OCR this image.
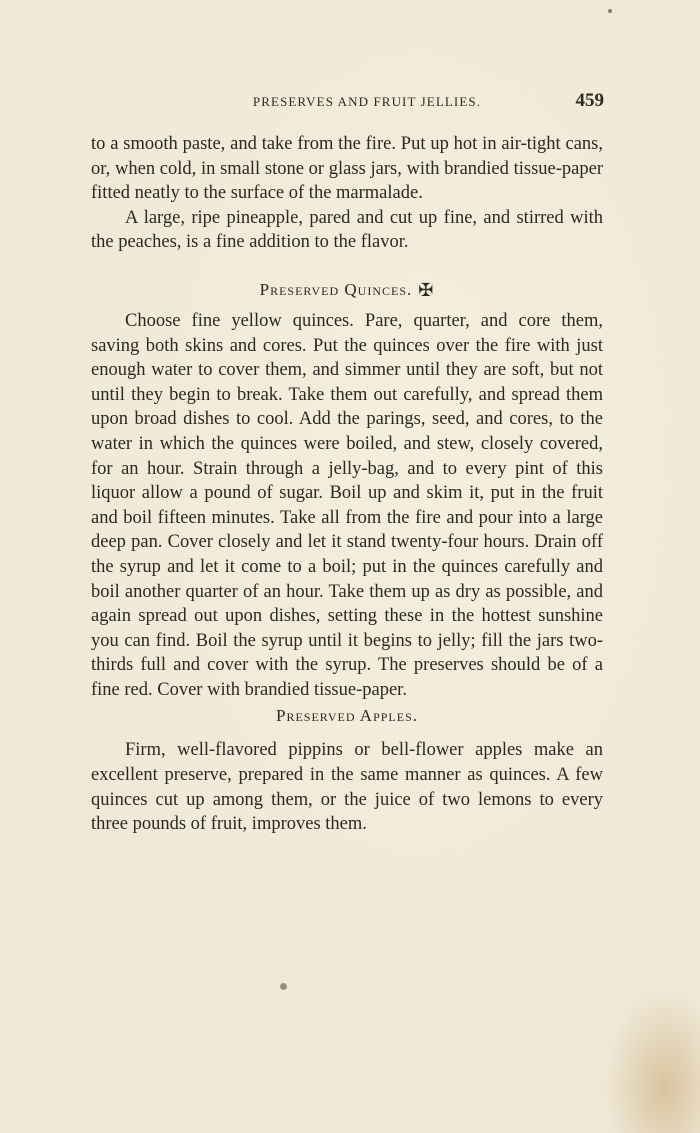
PRESERVES AND FRUIT JELLIES.	459

to a smooth paste, and take from the fire. Put up hot in air-tight cans, or, when cold, in small stone or glass jars, with brandied tissue-paper fitted neatly to the surface of the marmalade.

A large, ripe pineapple, pared and cut up fine, and stirred with the peaches, is a fine addition to the flavor.

Preserved Quinces. ✠

Choose fine yellow quinces. Pare, quarter, and core them, saving both skins and cores. Put the quinces over the fire with just enough water to cover them, and simmer until they are soft, but not until they begin to break. Take them out carefully, and spread them upon broad dishes to cool. Add the parings, seed, and cores, to the water in which the quinces were boiled, and stew, closely covered, for an hour. Strain through a jelly-bag, and to every pint of this liquor allow a pound of sugar. Boil up and skim it, put in the fruit and boil fifteen minutes. Take all from the fire and pour into a large deep pan. Cover closely and let it stand twenty-four hours. Drain off the syrup and let it come to a boil; put in the quinces carefully and boil another quarter of an hour. Take them up as dry as possible, and again spread out upon dishes, setting these in the hottest sunshine you can find. Boil the syrup until it begins to jelly; fill the jars two-thirds full and cover with the syrup. The preserves should be of a fine red. Cover with brandied tissue-paper.

Preserved Apples.

Firm, well-flavored pippins or bell-flower apples make an excellent preserve, prepared in the same manner as quinces. A few quinces cut up among them, or the juice of two lemons to every three pounds of fruit, improves them.
